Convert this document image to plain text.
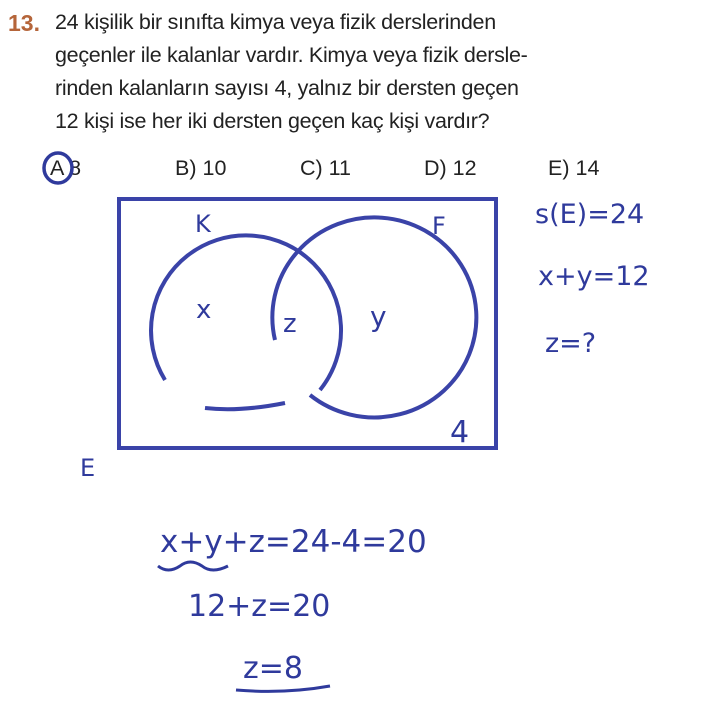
13. 24 kişilik bir sınıfta kimya veya fizik derslerinden
geçenler ile kalanlar vardır. Kimya veya fizik dersle-
rinden kalanların sayısı 4, yalnız bir dersten geçen
12 kişi ise her iki dersten geçen kaç kişi vardır?
A 8	B) 10	C) 11	D) 12	E) 14
K	F
x	z	y
4
E
s(E)=24
x+y=12
z=?
x+y+z=24-4=20
12+z=20
z=8
